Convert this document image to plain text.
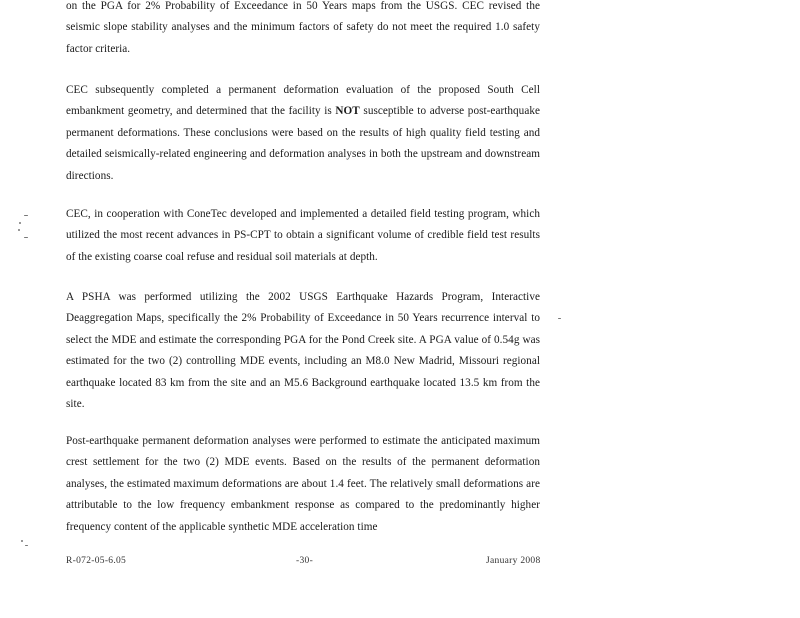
on the PGA for 2% Probability of Exceedance in 50 Years maps from the USGS. CEC revised the seismic slope stability analyses and the minimum factors of safety do not meet the required 1.0 safety factor criteria.

CEC subsequently completed a permanent deformation evaluation of the proposed South Cell embankment geometry, and determined that the facility is NOT susceptible to adverse post-earthquake permanent deformations. These conclusions were based on the results of high quality field testing and detailed seismically-related engineering and deformation analyses in both the upstream and downstream directions.

CEC, in cooperation with ConeTec developed and implemented a detailed field testing program, which utilized the most recent advances in PS-CPT to obtain a significant volume of credible field test results of the existing coarse coal refuse and residual soil materials at depth.

A PSHA was performed utilizing the 2002 USGS Earthquake Hazards Program, Interactive Deaggregation Maps, specifically the 2% Probability of Exceedance in 50 Years recurrence interval to select the MDE and estimate the corresponding PGA for the Pond Creek site. A PGA value of 0.54g was estimated for the two (2) controlling MDE events, including an M8.0 New Madrid, Missouri regional earthquake located 83 km from the site and an M5.6 Background earthquake located 13.5 km from the site.

Post-earthquake permanent deformation analyses were performed to estimate the anticipated maximum crest settlement for the two (2) MDE events. Based on the results of the permanent deformation analyses, the estimated maximum deformations are about 1.4 feet. The relatively small deformations are attributable to the low frequency embankment response as compared to the predominantly higher frequency content of the applicable synthetic MDE acceleration time

R-072-05-6.05	-30-	January 2008
